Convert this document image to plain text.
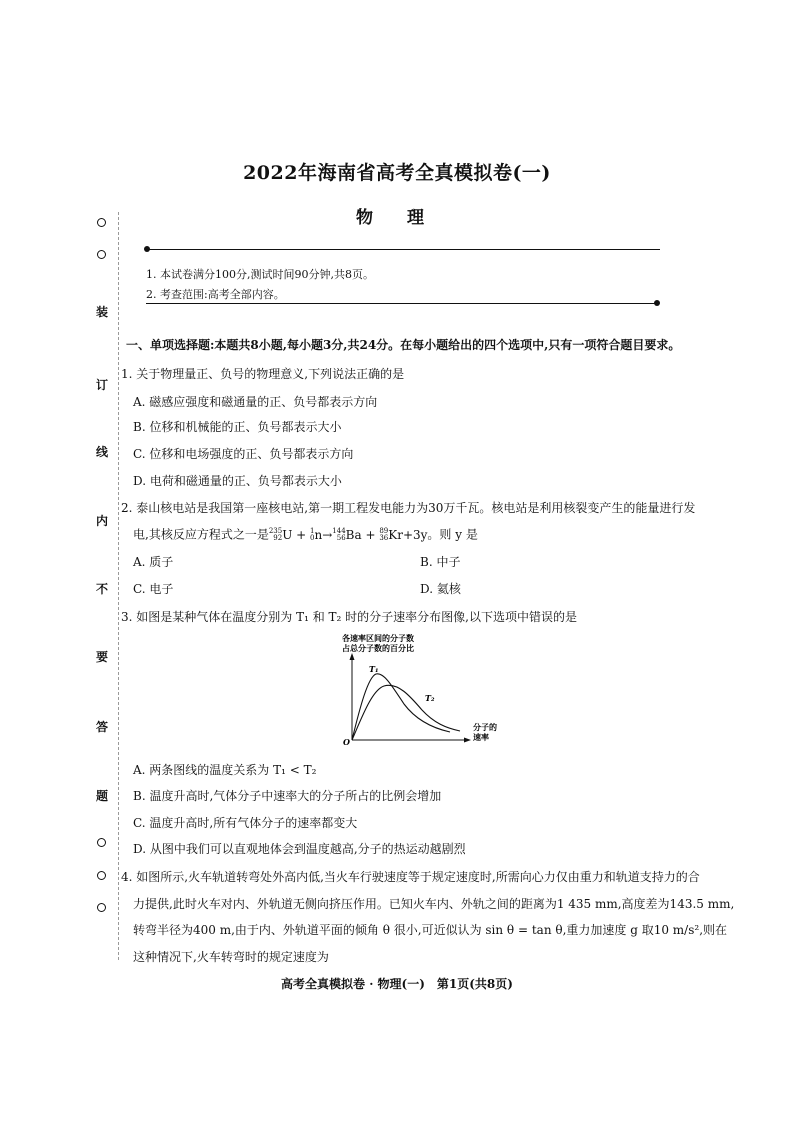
2022年海南省高考全真模拟卷(一)
物 理
1. 本试卷满分100分,测试时间90分钟,共8页。
2. 考查范围:高考全部内容。
装
订
线
内
不
要
答
题
一、单项选择题:本题共8小题,每小题3分,共24分。在每小题给出的四个选项中,只有一项符合题目要求。
1. 关于物理量正、负号的物理意义,下列说法正确的是
A. 磁感应强度和磁通量的正、负号都表示方向
B. 位移和机械能的正、负号都表示大小
C. 位移和电场强度的正、负号都表示方向
D. 电荷和磁通量的正、负号都表示大小
2. 泰山核电站是我国第一座核电站,第一期工程发电能力为30万千瓦。核电站是利用核裂变产生的能量进行发
电,其核反应方程式之一是235
92U + 1
0n→144
56Ba + 89
36Kr+3y。则 y 是
A. 质子	B. 中子
C. 电子	D. 氦核
3. 如图是某种气体在温度分别为 T₁ 和 T₂ 时的分子速率分布图像,以下选项中错误的是
各速率区间的分子数
占总分子数的百分比
T₁
T₂
O
分子的
速率
A. 两条图线的温度关系为 T₁ < T₂
B. 温度升高时,气体分子中速率大的分子所占的比例会增加
C. 温度升高时,所有气体分子的速率都变大
D. 从图中我们可以直观地体会到温度越高,分子的热运动越剧烈
4. 如图所示,火车轨道转弯处外高内低,当火车行驶速度等于规定速度时,所需向心力仅由重力和轨道支持力的合
力提供,此时火车对内、外轨道无侧向挤压作用。已知火车内、外轨之间的距离为1 435 mm,高度差为143.5 mm,
转弯半径为400 m,由于内、外轨道平面的倾角 θ 很小,可近似认为 sin θ = tan θ,重力加速度 g 取10 m/s²,则在
这种情况下,火车转弯时的规定速度为
高考全真模拟卷 · 物理(一)　第1页(共8页)
